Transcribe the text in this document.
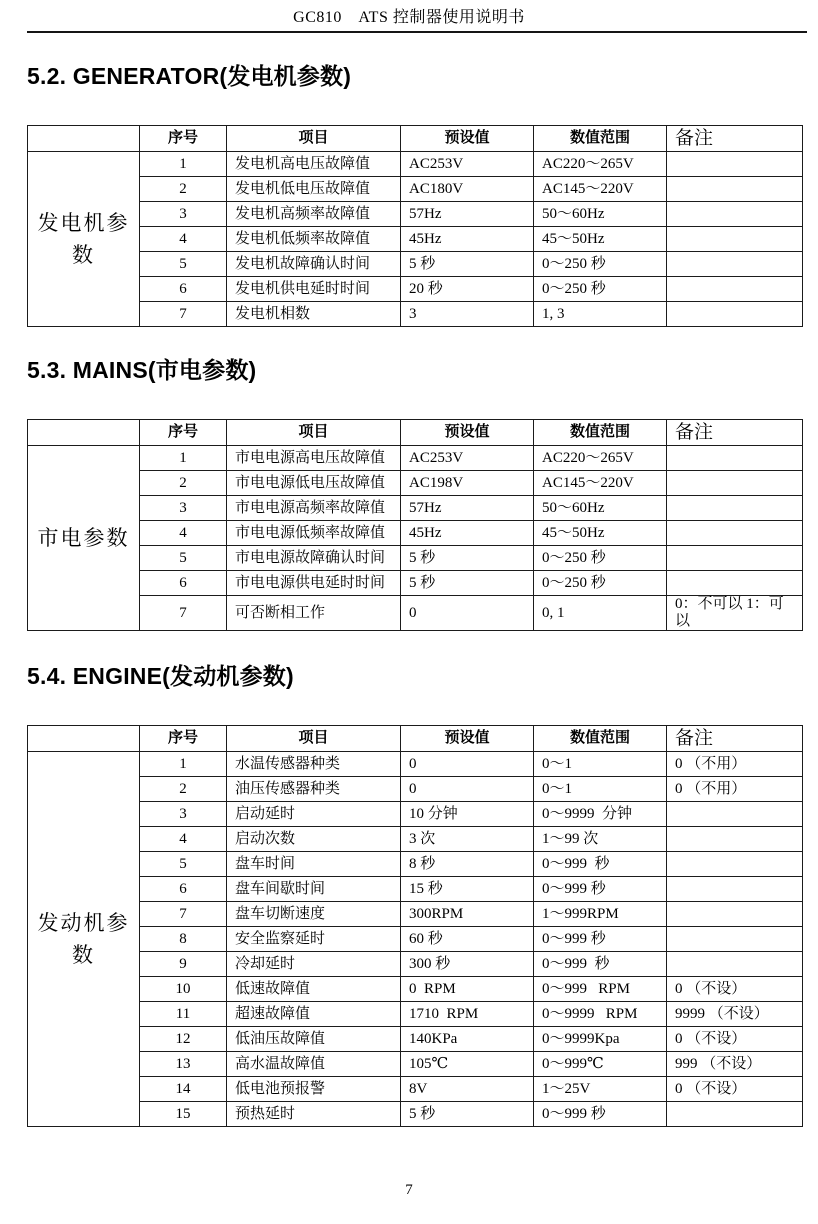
GC810　ATS 控制器使用说明书
5.2. GENERATOR(发电机参数)
	序号	项目	预设值	数值范围	备注
发电机参数	1	发电机高电压故障值	AC253V	AC220～265V	
	2	发电机低电压故障值	AC180V	AC145～220V	
	3	发电机高频率故障值	57Hz	50～60Hz	
	4	发电机低频率故障值	45Hz	45～50Hz	
	5	发电机故障确认时间	5 秒	0～250 秒	
	6	发电机供电延时时间	20 秒	0～250 秒	
	7	发电机相数	3	1, 3	
5.3. MAINS(市电参数)
	序号	项目	预设值	数值范围	备注
市电参数	1	市电电源高电压故障值	AC253V	AC220～265V	
	2	市电电源低电压故障值	AC198V	AC145～220V	
	3	市电电源高频率故障值	57Hz	50～60Hz	
	4	市电电源低频率故障值	45Hz	45～50Hz	
	5	市电电源故障确认时间	5 秒	0～250 秒	
	6	市电电源供电延时时间	5 秒	0～250 秒	
	7	可否断相工作	0	0, 1	0：不可以 1：可以
5.4. ENGINE(发动机参数)
	序号	项目	预设值	数值范围	备注
发动机参数	1	水温传感器种类	0	0～1	0 （不用）
	2	油压传感器种类	0	0～1	0 （不用）
	3	启动延时	10 分钟	0～9999  分钟	
	4	启动次数	3 次	1～99 次	
	5	盘车时间	8 秒	0～999  秒	
	6	盘车间歇时间	15 秒	0～999 秒	
	7	盘车切断速度	300RPM	1～999RPM	
	8	安全监察延时	60 秒	0～999 秒	
	9	冷却延时	300 秒	0～999  秒	
	10	低速故障值	0  RPM	0～999   RPM	0 （不设）
	11	超速故障值	1710  RPM	0～9999   RPM	9999 （不设）
	12	低油压故障值	140KPa	0～9999Kpa	0 （不设）
	13	高水温故障值	105℃	0～999℃	999 （不设）
	14	低电池预报警	8V	1～25V	0 （不设）
	15	预热延时	5 秒	0～999 秒	
7
